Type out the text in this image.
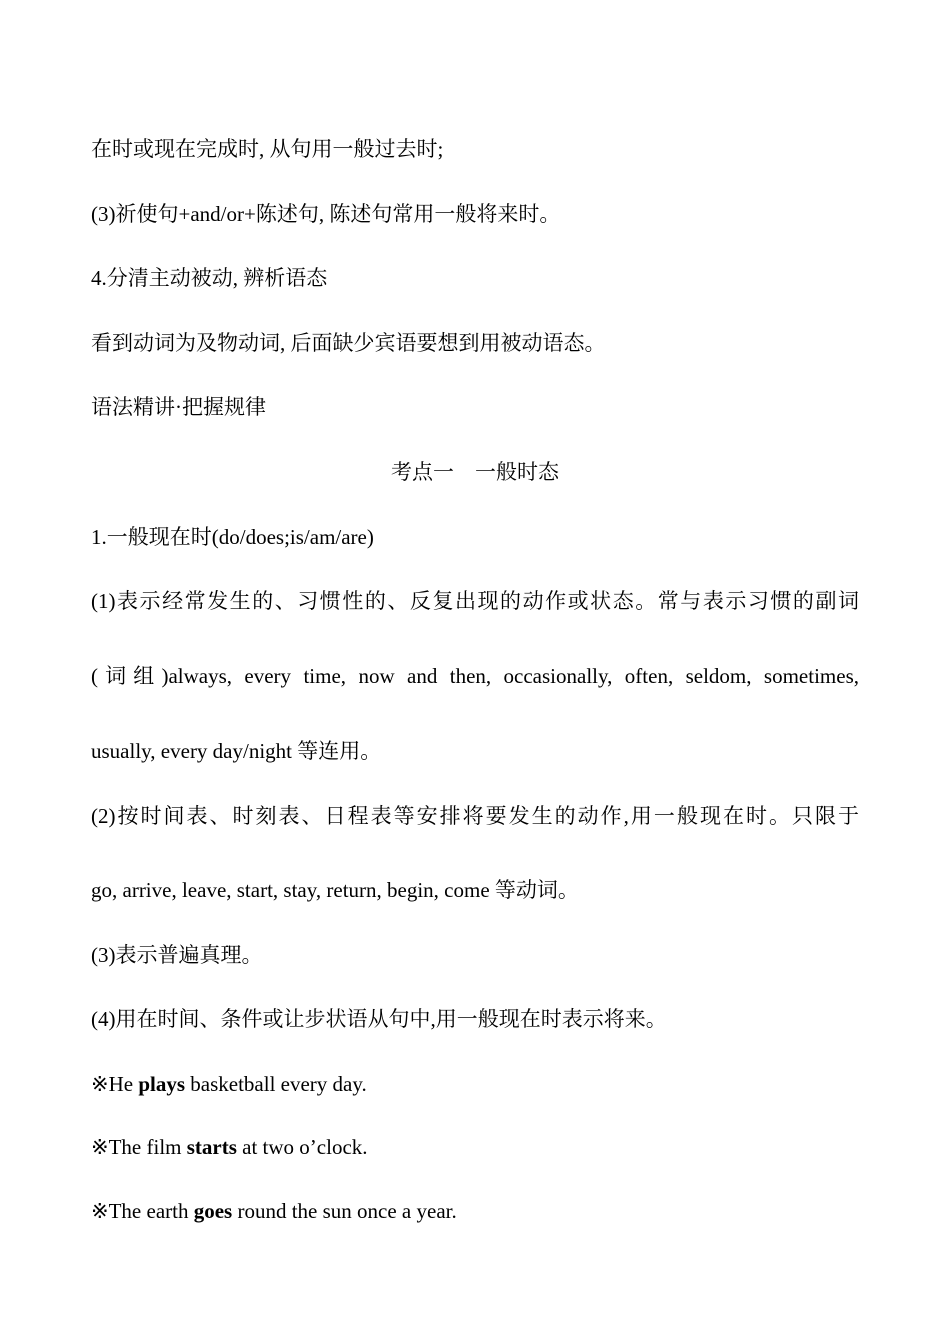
在时或现在完成时, 从句用一般过去时;
(3)祈使句+and/or+陈述句, 陈述句常用一般将来时。
4.分清主动被动, 辨析语态
看到动词为及物动词, 后面缺少宾语要想到用被动语态。
语法精讲·把握规律
考点一　一般时态
1.一般现在时(do/does;is/am/are)
(1)表示经常发生的、习惯性的、反复出现的动作或状态。常与表示习惯的副词
(词组)always, every time, now and then, occasionally, often, seldom, sometimes,
usually, every day/night 等连用。
(2)按时间表、时刻表、日程表等安排将要发生的动作,用一般现在时。只限于
go, arrive, leave, start, stay, return, begin, come 等动词。
(3)表示普遍真理。
(4)用在时间、条件或让步状语从句中,用一般现在时表示将来。
※He plays basketball every day.
※The film starts at two o’clock.
※The earth goes round the sun once a year.
